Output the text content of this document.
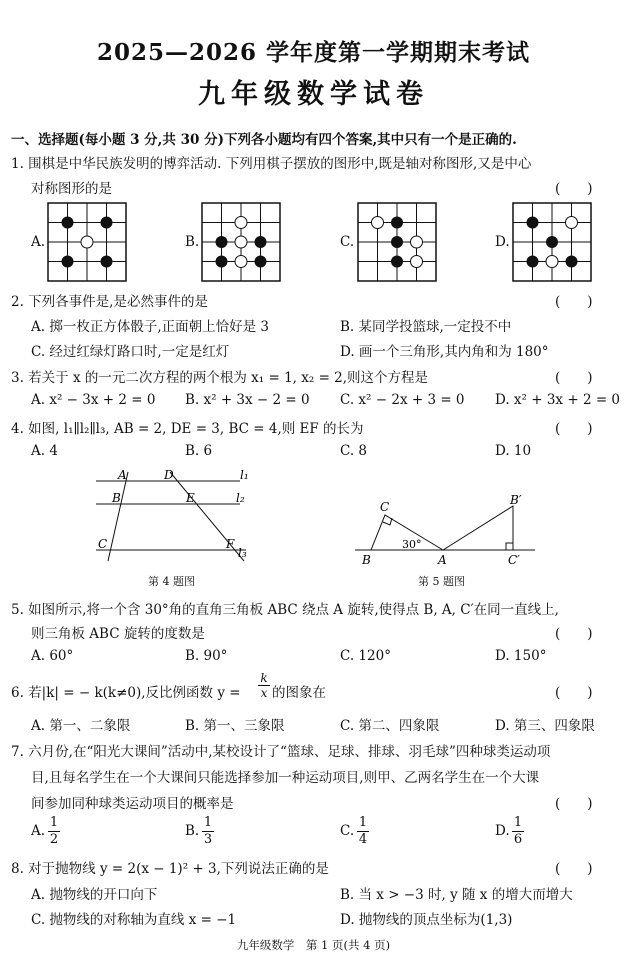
2025—2026 学年度第一学期期末考试
九年级数学试卷
一、选择题(每小题 3 分,共 30 分)下列各小题均有四个答案,其中只有一个是正确的.
1. 围棋是中华民族发明的博弈活动. 下列用棋子摆放的图形中,既是轴对称图形,又是中心
对称图形的是	(　　)
A.	B.	C.	D.
2. 下列各事件是,是必然事件的是	(　　)
A. 掷一枚正方体骰子,正面朝上恰好是 3	B. 某同学投篮球,一定投不中
C. 经过红绿灯路口时,一定是红灯	D. 画一个三角形,其内角和为 180°
3. 若关于 x 的一元二次方程的两个根为 x₁ = 1, x₂ = 2,则这个方程是	(　　)
A. x² − 3x + 2 = 0 B. x² + 3x − 2 = 0 C. x² − 2x + 3 = 0 D. x² + 3x + 2 = 0
4. 如图, l₁∥l₂∥l₃, AB = 2, DE = 3, BC = 4,则 EF 的长为	(　　)
A. 4	B. 6	C. 8	D. 10
A	D	l₁
B	E	l₂
C	F
l₃
第 4 题图
B
C
A
B′
C′
30°
第 5 题图
5. 如图所示,将一个含 30°角的直角三角板 ABC 绕点 A 旋转,使得点 B, A, C′在同一直线上,
则三角板 ABC 旋转的度数是	(　　)
A. 60°	B. 90°	C. 120°	D. 150°
6. 若|k| = − k(k≠0),反比例函数 $y = \frac{k}{x}$ 的图象在	(　　)
A. 第一、二象限	B. 第一、三象限	C. 第二、四象限	D. 第三、四象限
7. 六月份,在“阳光大课间”活动中,某校设计了“篮球、足球、排球、羽毛球”四种球类运动项
目,且每名学生在一个大课间只能选择参加一种运动项目,则甲、乙两名学生在一个大课
间参加同种球类运动项目的概率是	(　　)
A. $\frac{1}{2}$	B. $\frac{1}{3}$	C. $\frac{1}{4}$	D. $\frac{1}{6}$
8. 对于抛物线 y = 2(x − 1)² + 3,下列说法正确的是	(　　)
A. 抛物线的开口向下	B. 当 x > −3 时, y 随 x 的增大而增大
C. 抛物线的对称轴为直线 x = −1	D. 抛物线的顶点坐标为(1,3)
九年级数学　第 1 页(共 4 页)
